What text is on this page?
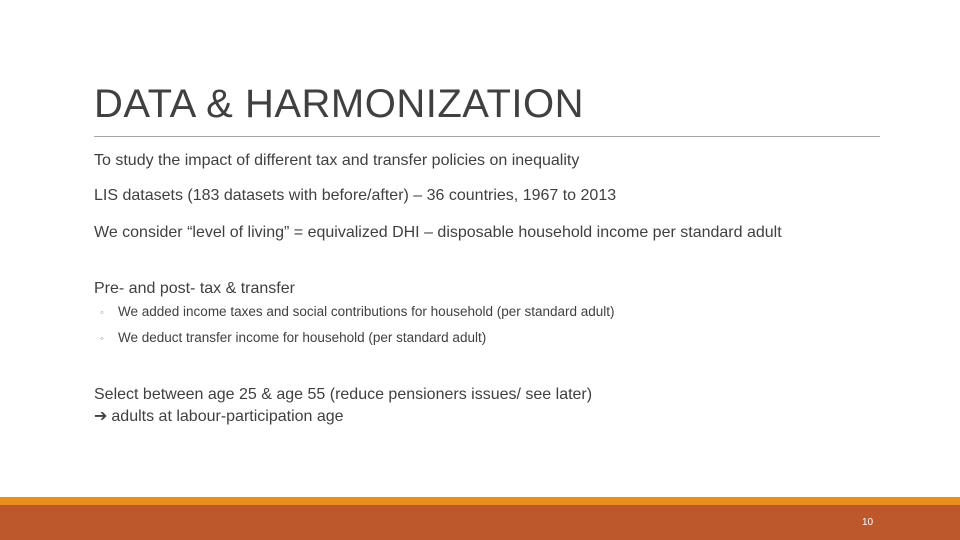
DATA & HARMONIZATION
To study the impact of different tax and transfer policies on inequality
LIS datasets (183 datasets with before/after) – 36 countries, 1967 to 2013
We consider “level of living” = equivalized DHI – disposable household income per standard adult
Pre- and post- tax & transfer
◦ We added income taxes and social contributions for household (per standard adult)
◦ We deduct transfer income for household (per standard adult)
Select between age 25 & age 55 (reduce pensioners issues/ see later)
➔ adults at labour-participation age
10
